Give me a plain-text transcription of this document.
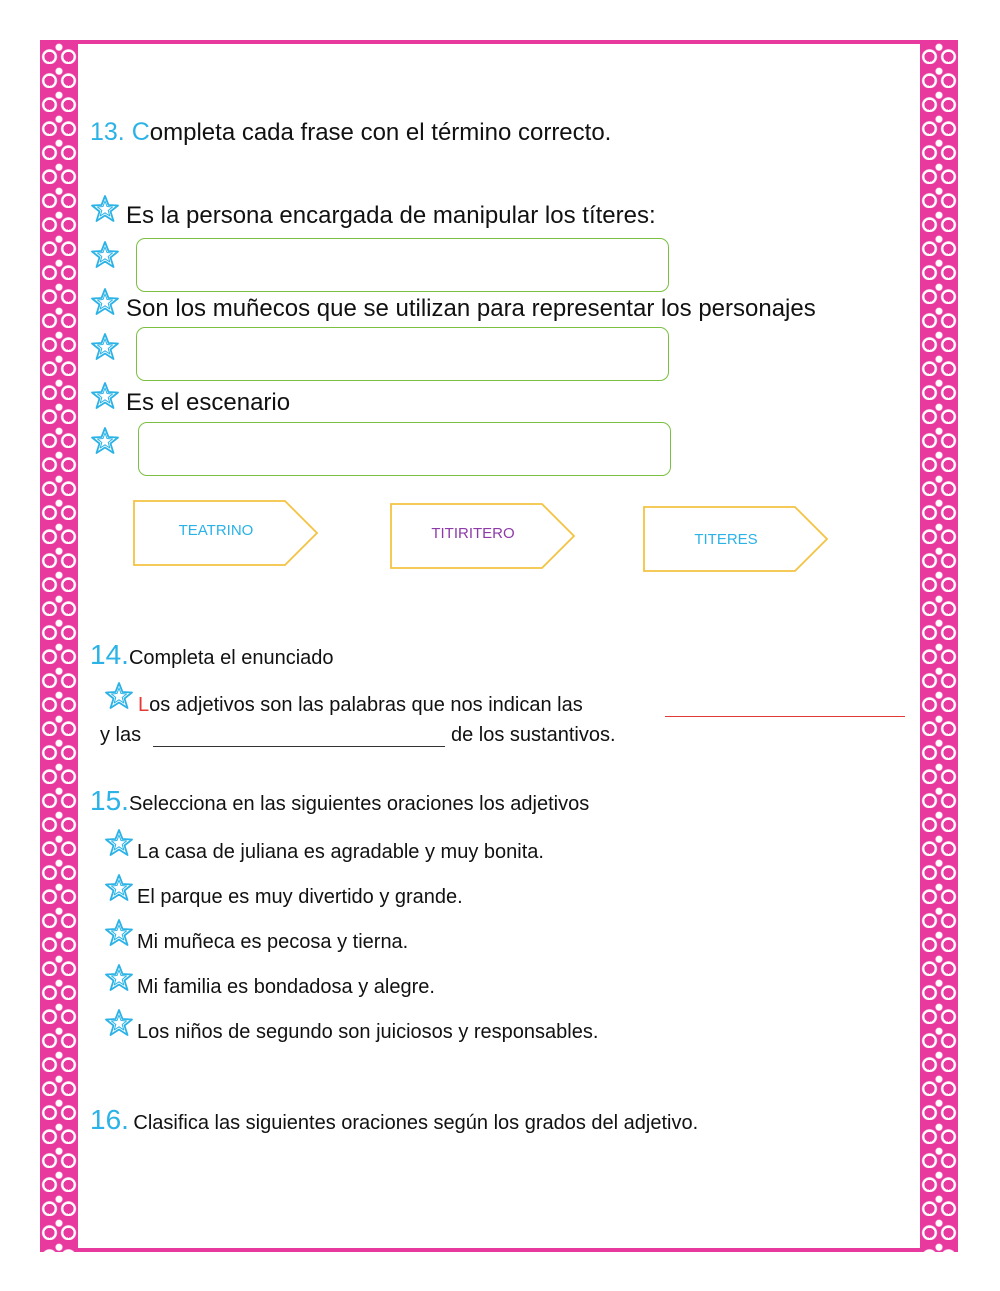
13. Completa cada frase con el término correcto.
Es la persona encargada de manipular los títeres:
Son los muñecos que se utilizan para representar los personajes
Es el escenario
TEATRINO	TITIRITERO	TITERES
14.Completa el enunciado
Los adjetivos son las palabras que nos indican las
y las	de los sustantivos.
15.Selecciona en las siguientes oraciones los adjetivos
La casa de juliana es agradable y muy bonita.
El parque es muy divertido y grande.
Mi muñeca es pecosa y tierna.
Mi familia es bondadosa y alegre.
Los niños de segundo son juiciosos y responsables.
16. Clasifica las siguientes oraciones según los grados del adjetivo.
